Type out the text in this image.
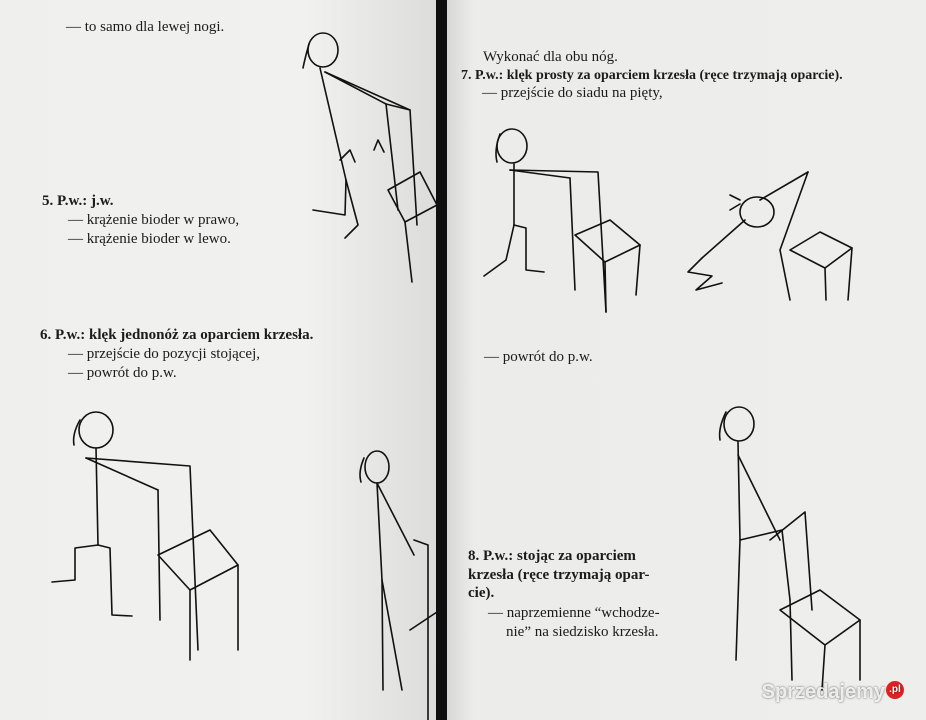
— to samo dla lewej nogi.
5. P.w.: j.w.
— krążenie bioder w prawo,
— krążenie bioder w lewo.
6. P.w.: klęk jednonóż za oparciem krzesła.
— przejście do pozycji stojącej,
— powrót do p.w.
Wykonać dla obu nóg.
7. P.w.: klęk prosty za oparciem krzesła (ręce trzymają oparcie).
— przejście do siadu na pięty,
— powrót do p.w.
8. P.w.: stojąc za oparciem
krzesła (ręce trzymają opar-
cie).
— naprzemienne “wchodze-
nie” na siedzisko krzesła.
Sprzedajemy .pl
